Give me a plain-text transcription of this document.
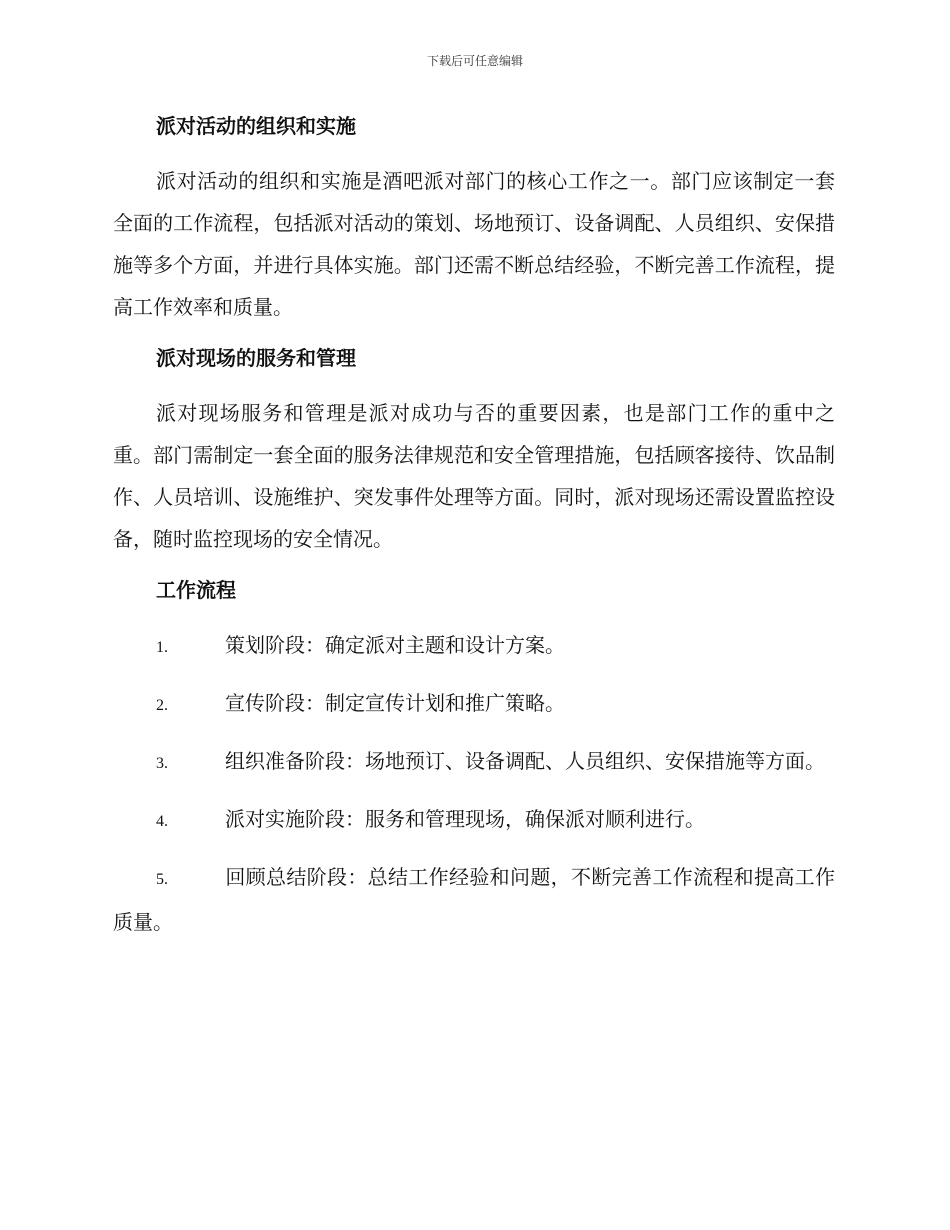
下载后可任意编辑
派对活动的组织和实施

派对活动的组织和实施是酒吧派对部门的核心工作之一。部门应该制定一套全面的工作流程，包括派对活动的策划、场地预订、设备调配、人员组织、安保措施等多个方面，并进行具体实施。部门还需不断总结经验，不断完善工作流程，提高工作效率和质量。

派对现场的服务和管理

派对现场服务和管理是派对成功与否的重要因素，也是部门工作的重中之重。部门需制定一套全面的服务法律规范和安全管理措施，包括顾客接待、饮品制作、人员培训、设施维护、突发事件处理等方面。同时，派对现场还需设置监控设备，随时监控现场的安全情况。

工作流程

1.	策划阶段：确定派对主题和设计方案。

2.	宣传阶段：制定宣传计划和推广策略。

3.	组织准备阶段：场地预订、设备调配、人员组织、安保措施等方面。

4.	派对实施阶段：服务和管理现场，确保派对顺利进行。

5.	回顾总结阶段：总结工作经验和问题，不断完善工作流程和提高工作质量。
